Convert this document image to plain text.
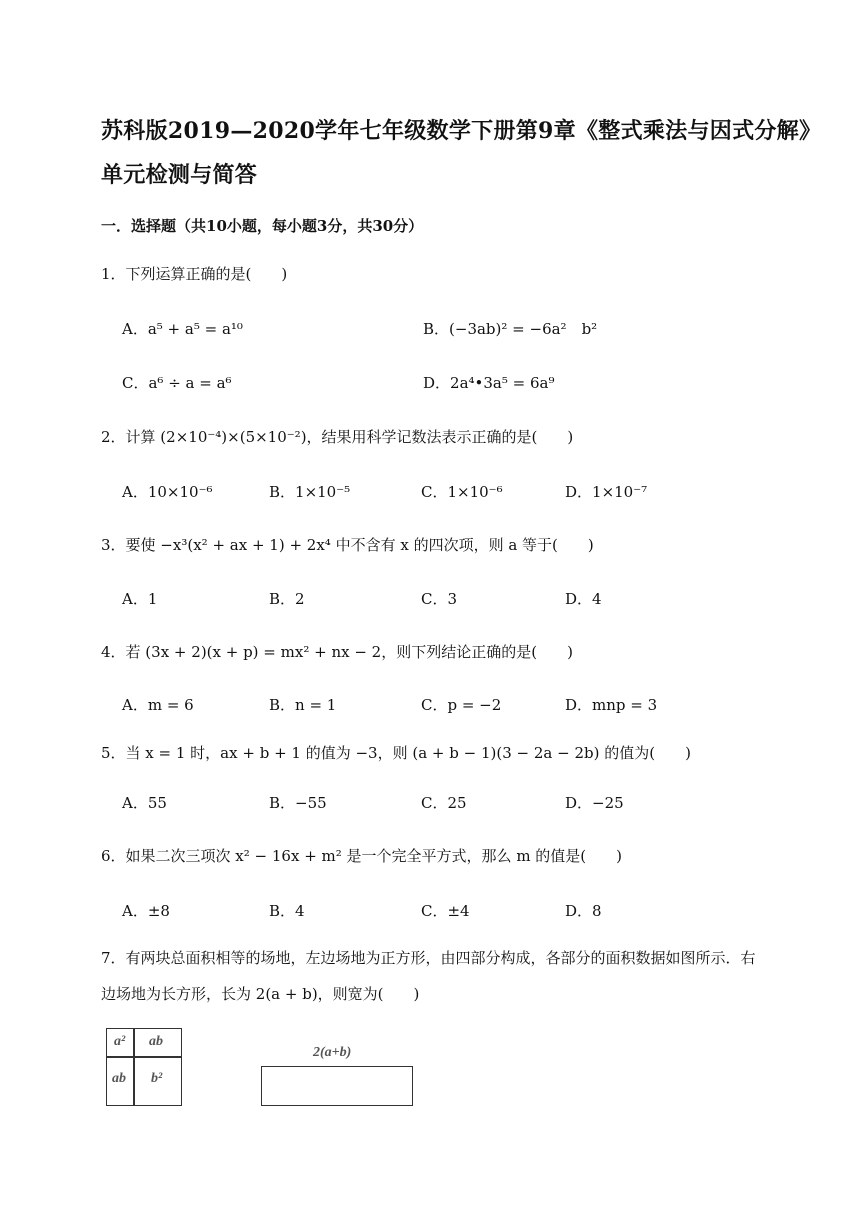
苏科版2019—2020学年七年级数学下册第9章《整式乘法与因式分解》
单元检测与简答
一．选择题（共10小题，每小题3分，共30分）
1．下列运算正确的是(　　)
A．a⁵ + a⁵ = a¹⁰	B．(−3ab)² = −6a²　b²
C．a⁶ ÷ a = a⁶	D．2a⁴•3a⁵ = 6a⁹
2．计算 (2×10⁻⁴)×(5×10⁻²)，结果用科学记数法表示正确的是(　　)
A．10×10⁻⁶	B．1×10⁻⁵	C．1×10⁻⁶	D．1×10⁻⁷
3．要使 −x³(x² + ax + 1) + 2x⁴ 中不含有 x 的四次项，则 a 等于(　　)
A．1	B．2	C．3	D．4
4．若 (3x + 2)(x + p) = mx² + nx − 2，则下列结论正确的是(　　)
A．m = 6	B．n = 1	C．p = −2	D．mnp = 3
5．当 x = 1 时，ax + b + 1 的值为 −3，则 (a + b − 1)(3 − 2a − 2b) 的值为(　　)
A．55	B．−55	C．25	D．−25
6．如果二次三项次 x² − 16x + m² 是一个完全平方式，那么 m 的值是(　　)
A．±8	B．4	C．±4	D．8
7．有两块总面积相等的场地，左边场地为正方形，由四部分构成，各部分的面积数据如图所示．右
边场地为长方形，长为 2(a + b)，则宽为(　　)
a² ab
ab b²
2(a+b)
